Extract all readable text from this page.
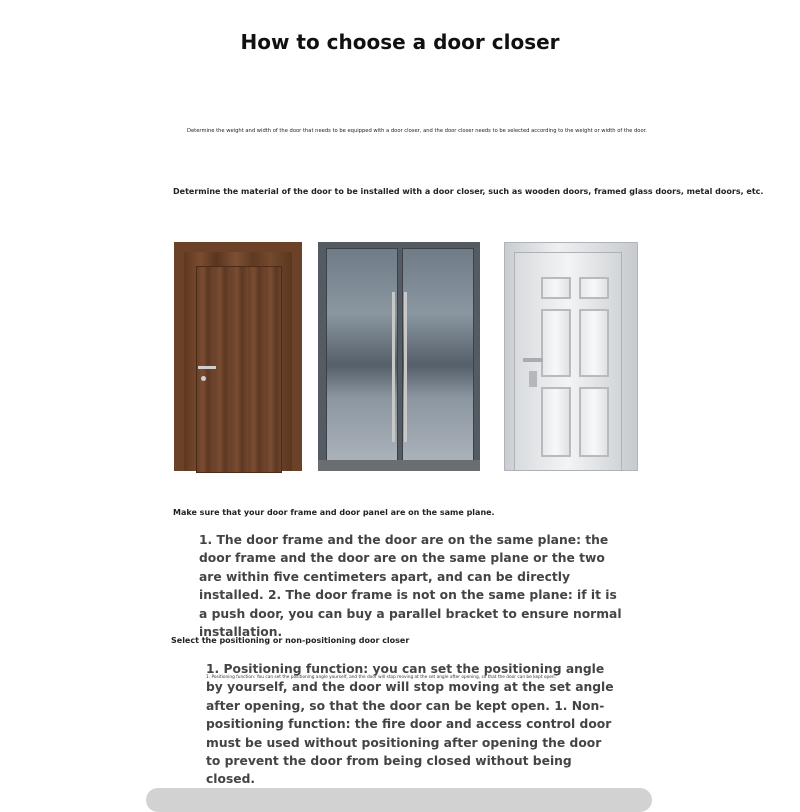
How to choose a door closer
Determine the weight and width of the door that needs to be equipped with a door closer, and the door closer needs to be selected according to the weight or width of the door.
Determine the material of the door to be installed with a door closer, such as wooden doors, framed glass doors, metal doors, etc.
Make sure that your door frame and door panel are on the same plane.
1. The door frame and the door are on the same plane: the door frame and the door are on the same plane or the two are within five centimeters apart, and can be directly installed. 2. The door frame is not on the same plane: if it is a push door, you can buy a parallel bracket to ensure normal installation.
Select the positioning or non-positioning door closer
1. Positioning function: you can set the positioning angle by yourself, and the door will stop moving at the set angle after opening, so that the door can be kept open. 1. Non-positioning function: the fire door and access control door must be used without positioning after opening the door to prevent the door from being closed without being closed.
1. Positioning function: You can set the positioning angle yourself, and the door will stop moving at the set angle after opening, so that the door can be kept open.
